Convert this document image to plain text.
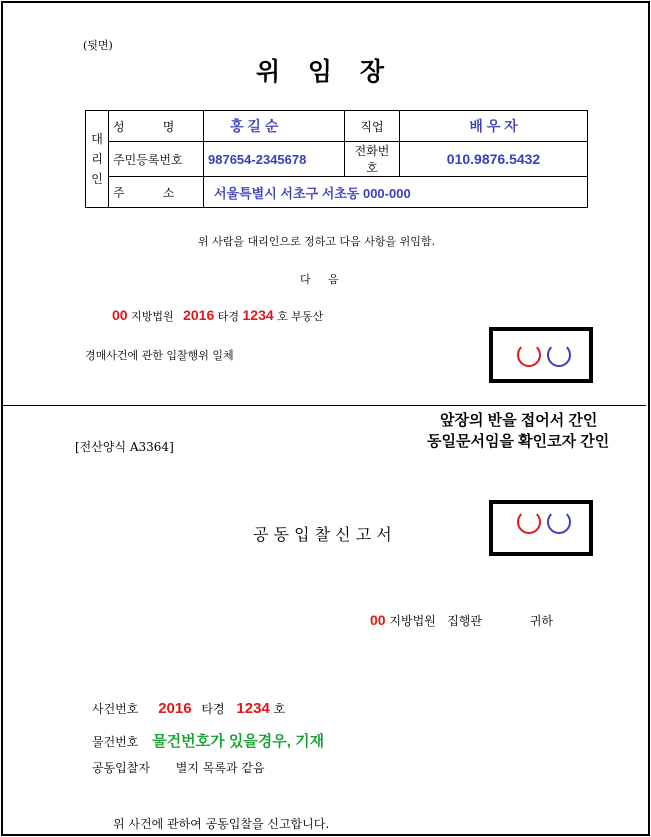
(뒷면)
위    임    장
대
리
인	성          명	홍 길 순	직업	배 우 자
	주민등록번호	987654-2345678	전화번호	010.9876.5432
	주          소	서울특별시 서초구 서초동 000-000		
위 사람을 대리인으로 정하고 다음 사항을 위임함.
다     음
00 지방법원 2016 타경 1234 호 부동산
경매사건에 관한 입찰행위 일체
앞장의 반을 접어서 간인
동일문서임을 확인코자 간인
[전산양식 A3364]
공 동 입 찰 신 고 서
00 지방법원   집행관	귀하
사건번호 2016 타경 1234 호
물건번호 물건번호가 있을경우, 기재
공동입찰자 별지 목록과 같음
위 사건에 관하여 공동입찰을 신고합니다.
